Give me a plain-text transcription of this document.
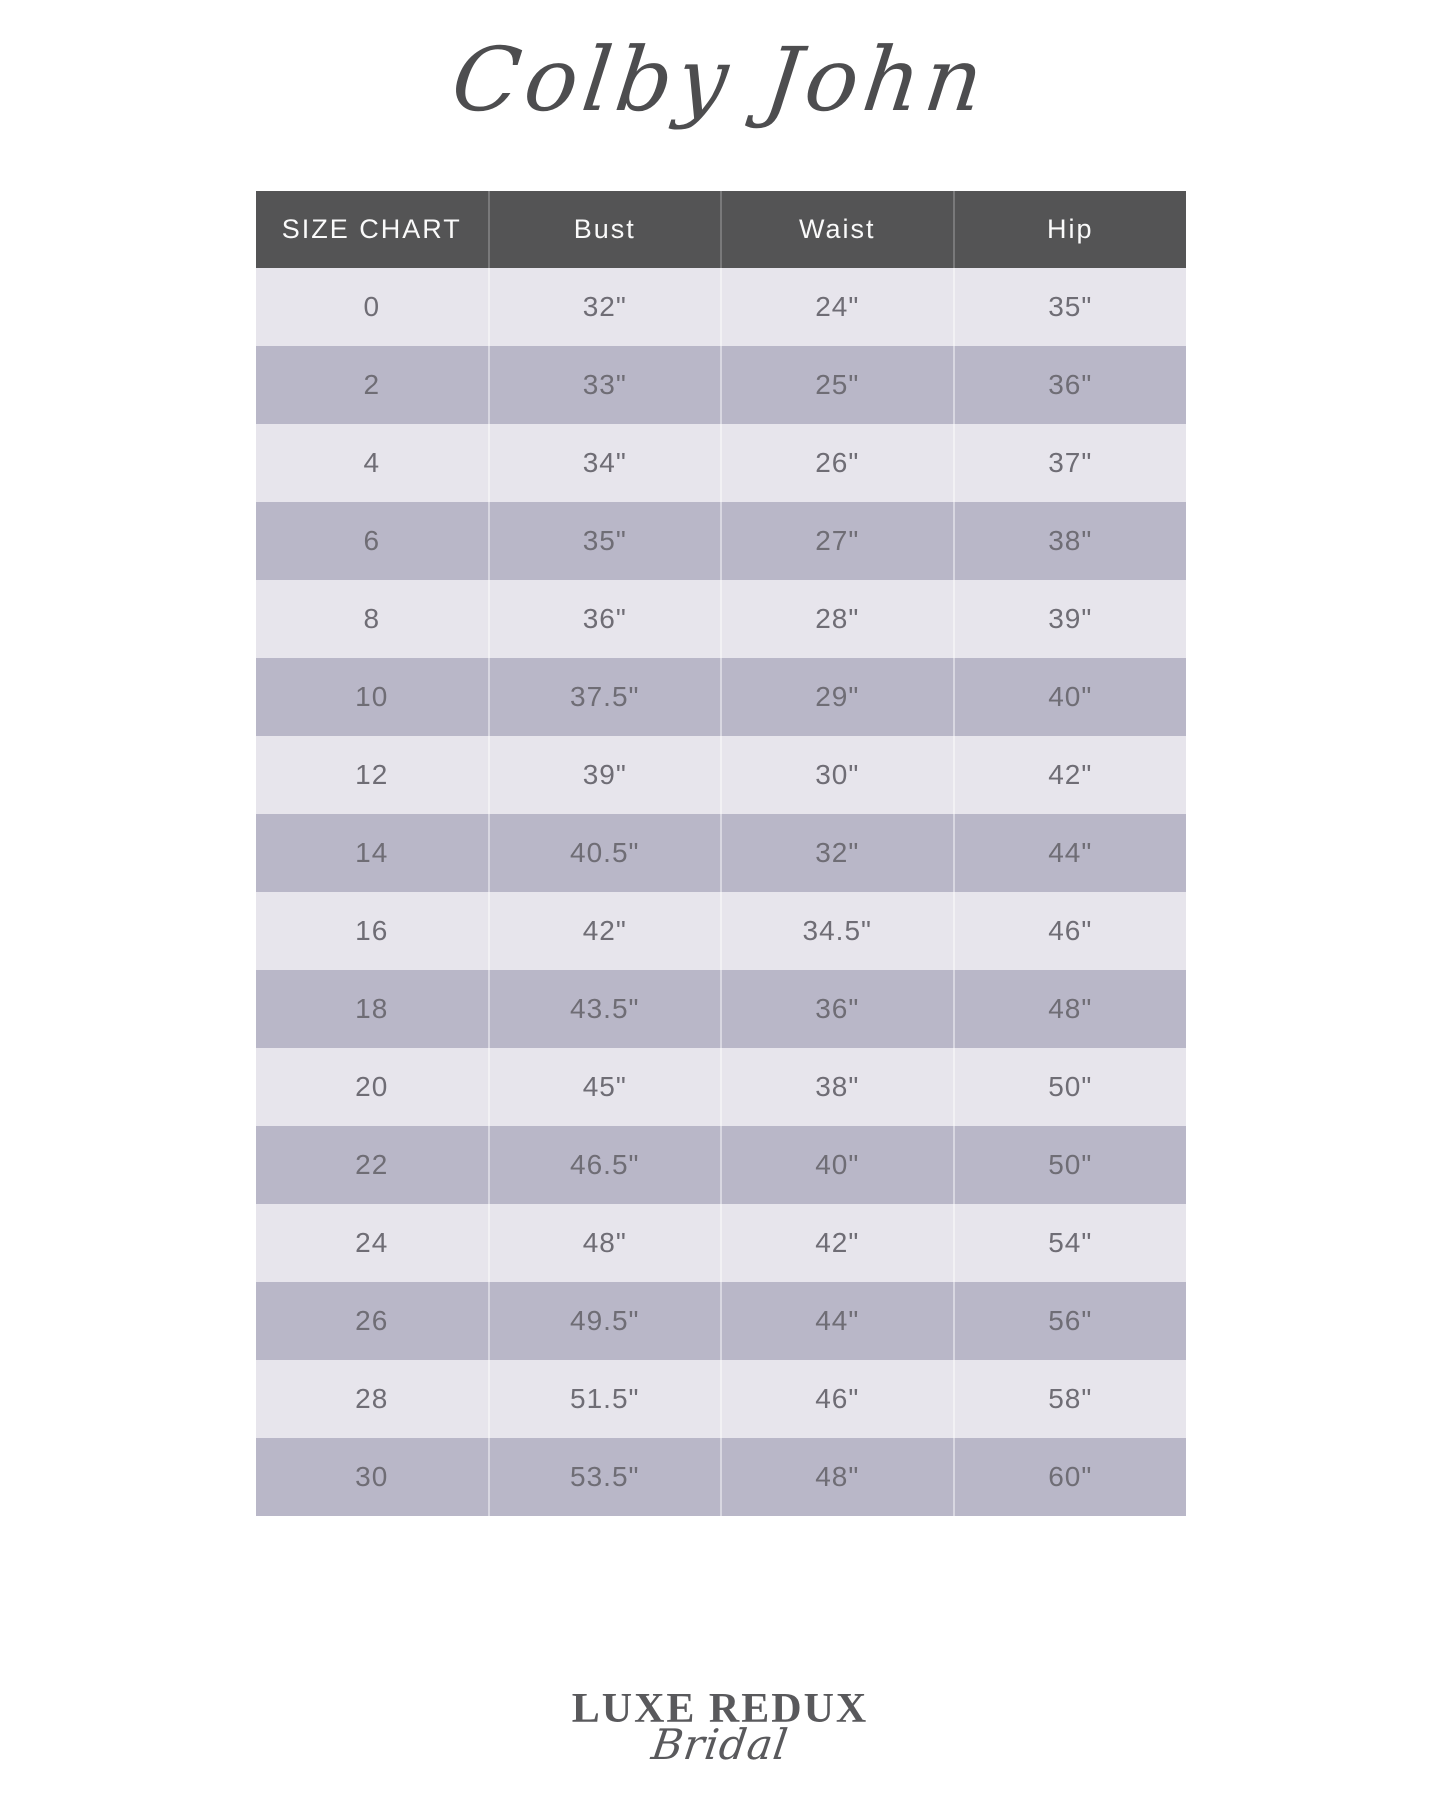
Colby John
SIZE CHART	Bust	Waist	Hip
0	32"	24"	35"
2	33"	25"	36"
4	34"	26"	37"
6	35"	27"	38"
8	36"	28"	39"
10	37.5"	29"	40"
12	39"	30"	42"
14	40.5"	32"	44"
16	42"	34.5"	46"
18	43.5"	36"	48"
20	45"	38"	50"
22	46.5"	40"	50"
24	48"	42"	54"
26	49.5"	44"	56"
28	51.5"	46"	58"
30	53.5"	48"	60"
LUXE REDUX
Bridal
